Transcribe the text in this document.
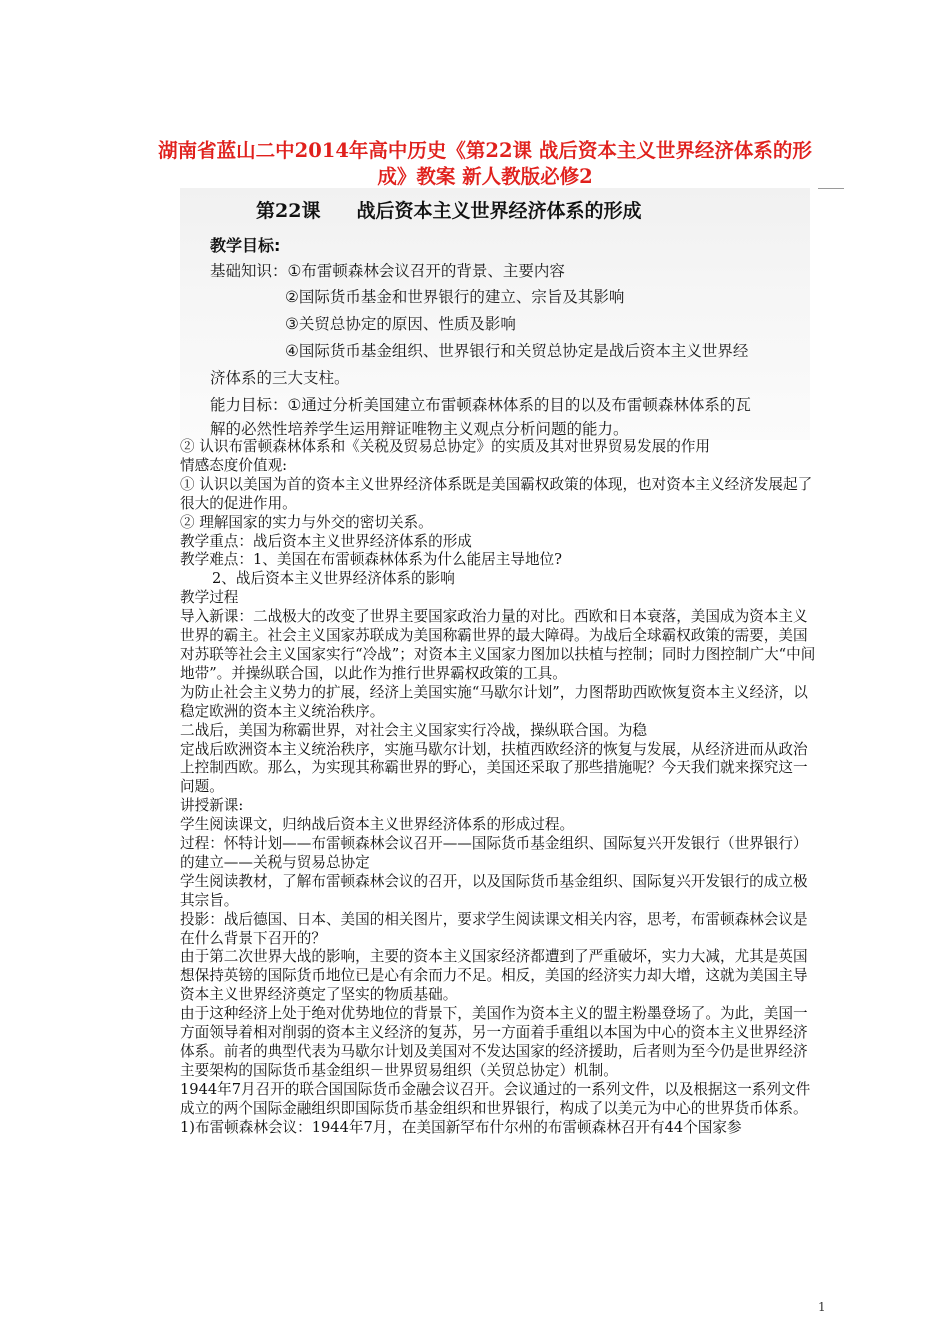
湖南省蓝山二中2014年高中历史《第22课 战后资本主义世界经济体系的形成》教案 新人教版必修2
第22课 战后资本主义世界经济体系的形成
教学目标:
基础知识：①布雷顿森林会议召开的背景、主要内容
②国际货币基金和世界银行的建立、宗旨及其影响
③关贸总协定的原因、性质及影响
④国际货币基金组织、世界银行和关贸总协定是战后资本主义世界经
济体系的三大支柱。
能力目标：①通过分析美国建立布雷顿森林体系的目的以及布雷顿森林体系的瓦
解的必然性培养学生运用辩证唯物主义观点分析问题的能力。

② 认识布雷顿森林体系和《关税及贸易总协定》的实质及其对世界贸易发展的作用

情感态度价值观:

① 认识以美国为首的资本主义世界经济体系既是美国霸权政策的体现，也对资本主义经济发展起了很大的促进作用。

② 理解国家的实力与外交的密切关系。

教学重点：战后资本主义世界经济体系的形成

教学难点：1、美国在布雷顿森林体系为什么能居主导地位?

2、战后资本主义世界经济体系的影响

教学过程

导入新课：二战极大的改变了世界主要国家政治力量的对比。西欧和日本衰落，美国成为资本主义世界的霸主。社会主义国家苏联成为美国称霸世界的最大障碍。为战后全球霸权政策的需要，美国对苏联等社会主义国家实行“冷战”；对资本主义国家力图加以扶植与控制；同时力图控制广大“中间地带”。并操纵联合国，以此作为推行世界霸权政策的工具。

为防止社会主义势力的扩展，经济上美国实施“马歇尔计划”，力图帮助西欧恢复资本主义经济，以稳定欧洲的资本主义统治秩序。

二战后，美国为称霸世界，对社会主义国家实行冷战，操纵联合国。为稳

定战后欧洲资本主义统治秩序，实施马歇尔计划，扶植西欧经济的恢复与发展，从经济进而从政治上控制西欧。那么，为实现其称霸世界的野心，美国还采取了那些措施呢？今天我们就来探究这一问题。

讲授新课:

学生阅读课文，归纳战后资本主义世界经济体系的形成过程。

过程：怀特计划——布雷顿森林会议召开——国际货币基金组织、国际复兴开发银行（世界银行）的建立——关税与贸易总协定

学生阅读教材，了解布雷顿森林会议的召开，以及国际货币基金组织、国际复兴开发银行的成立极其宗旨。

投影：战后德国、日本、美国的相关图片，要求学生阅读课文相关内容，思考，布雷顿森林会议是在什么背景下召开的？

由于第二次世界大战的影响，主要的资本主义国家经济都遭到了严重破坏，实力大减，尤其是英国想保持英镑的国际货币地位已是心有余而力不足。相反，美国的经济实力却大增，这就为美国主导资本主义世界经济奠定了坚实的物质基础。

由于这种经济上处于绝对优势地位的背景下，美国作为资本主义的盟主粉墨登场了。为此，美国一方面领导着相对削弱的资本主义经济的复苏，另一方面着手重组以本国为中心的资本主义世界经济体系。前者的典型代表为马歇尔计划及美国对不发达国家的经济援助，后者则为至今仍是世界经济主要架构的国际货币基金组织－世界贸易组织（关贸总协定）机制。

1944年7月召开的联合国国际货币金融会议召开。会议通过的一系列文件，以及根据这一系列文件成立的两个国际金融组织即国际货币基金组织和世界银行，构成了以美元为中心的世界货币体系。

1)布雷顿森林会议：1944年7月，在美国新罕布什尔州的布雷顿森林召开有44个国家参

1
